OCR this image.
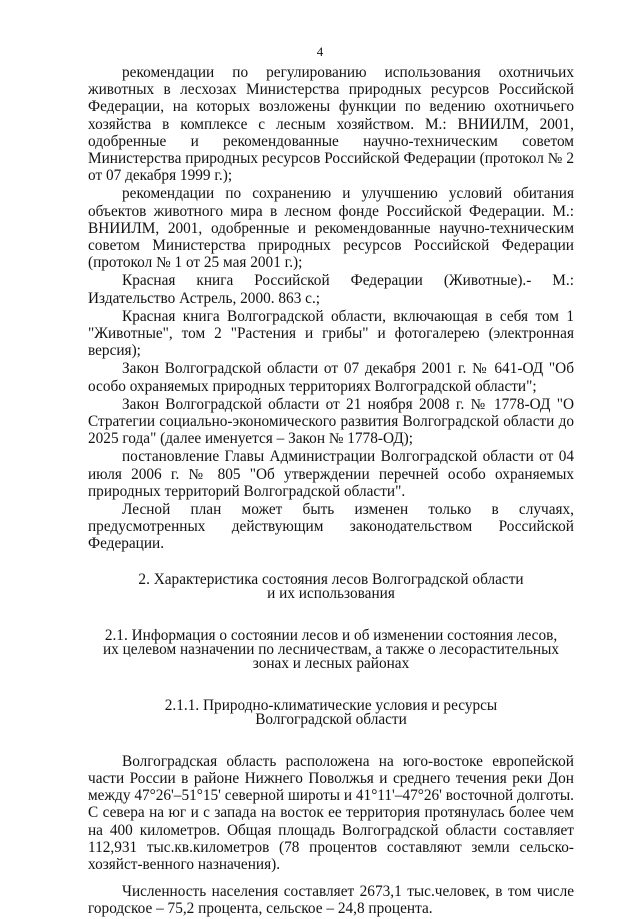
4

рекомендации по регулированию использования охотничьих животных в лесхозах Министерства природных ресурсов Российской Федерации, на которых возложены функции по ведению охотничьего хозяйства в комплексе с лесным хозяйством. М.: ВНИИЛМ, 2001, одобренные и рекомендованные научно-техническим советом Министерства природных ресурсов Российской Федерации (протокол № 2 от 07 декабря 1999 г.);

рекомендации по сохранению и улучшению условий обитания объектов животного мира в лесном фонде Российской Федерации. М.: ВНИИЛМ, 2001, одобренные и рекомендованные научно-техническим советом Министерства природных ресурсов Российской Федерации (протокол № 1 от 25 мая 2001 г.);

Красная книга Российской Федерации (Животные).- М.: Издательство Астрель, 2000. 863 с.;

Красная книга Волгоградской области, включающая в себя том 1 "Животные", том 2 "Растения и грибы" и фотогалерею (электронная версия);

Закон Волгоградской области от 07 декабря 2001 г. № 641-ОД "Об особо охраняемых природных территориях Волгоградской области";

Закон Волгоградской области от 21 ноября 2008 г. № 1778-ОД "О Стратегии социально-экономического развития Волгоградской области до 2025 года" (далее именуется – Закон № 1778-ОД);

постановление Главы Администрации Волгоградской области от 04 июля 2006 г. № 805 "Об утверждении перечней особо охраняемых природных территорий Волгоградской области".

Лесной план может быть изменен только в случаях, предусмотренных действующим законодательством Российской Федерации.

2. Характеристика состояния лесов Волгоградской области
и их использования
2.1. Информация о состоянии лесов и об изменении состояния лесов,
их целевом назначении по лесничествам, а также о лесорастительных
зонах и лесных районах
2.1.1. Природно-климатические условия и ресурсы
Волгоградской области

Волгоградская область расположена на юго-востоке европейской части России в районе Нижнего Поволжья и среднего течения реки Дон между 47°26'–51°15' северной широты и 41°11'–47°26' восточной долготы. С севера на юг и с запада на восток ее территория протянулась более чем на 400 километров. Общая площадь Волгоградской области составляет 112,931 тыс.кв.километров (78 процентов составляют земли сельско-хозяйст-венного назначения).

Численность населения составляет 2673,1 тыс.человек, в том числе городское – 75,2 процента, сельское – 24,8 процента.
